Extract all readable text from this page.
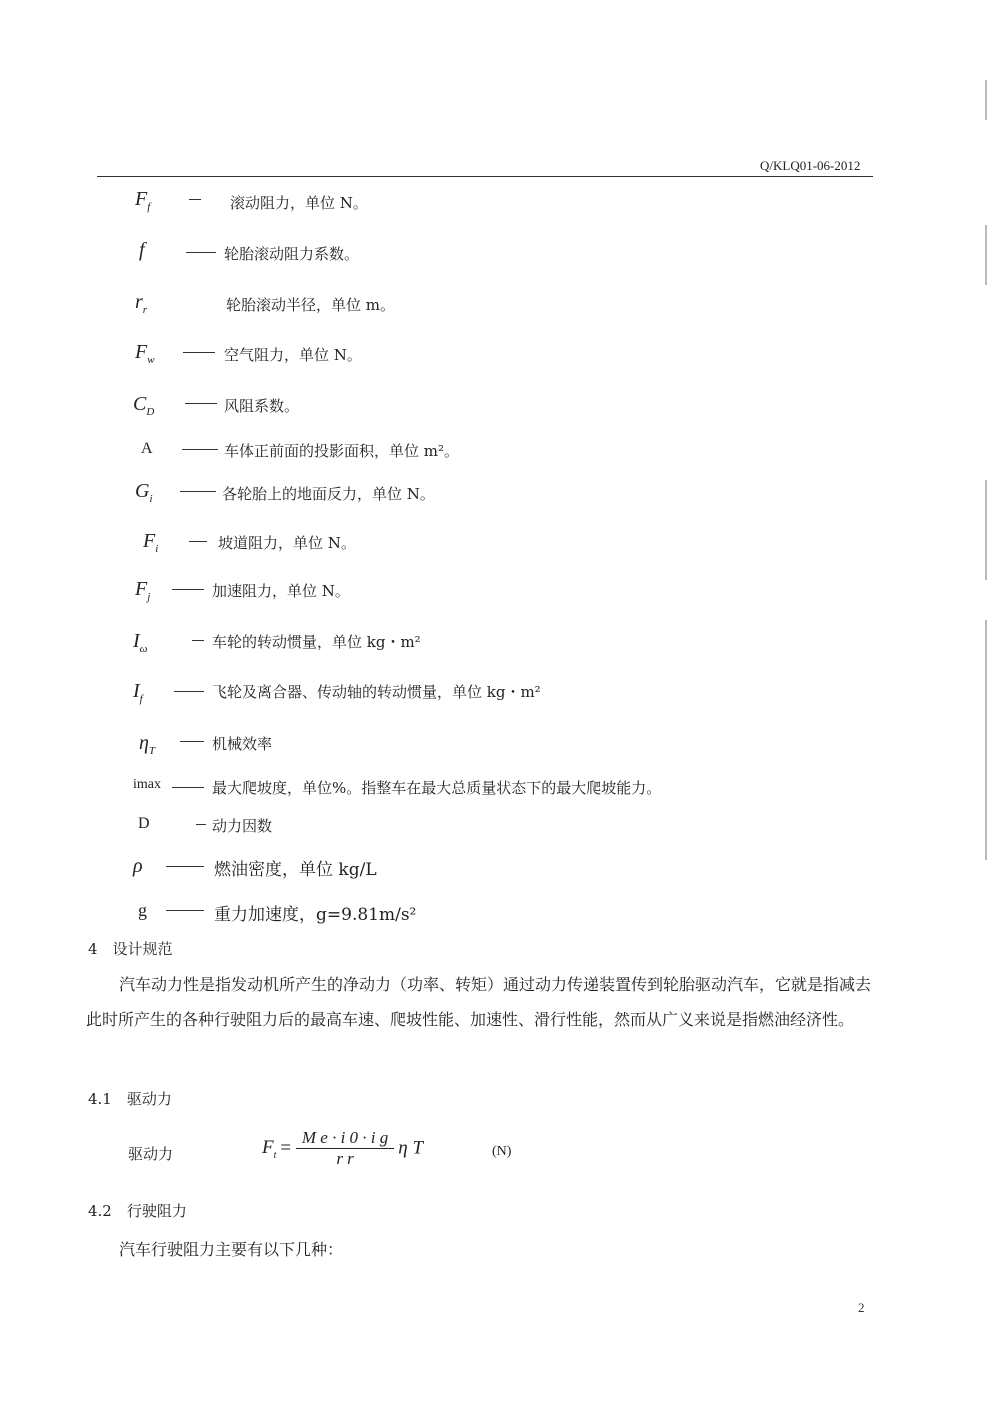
Q/KLQ01-06-2012
$F_f$	滚动阻力，单位 N。
f	轮胎滚动阻力系数。
$r_r$	轮胎滚动半径，单位 m。
$F_w$	空气阻力，单位 N。
$C_D$	风阻系数。
A	车体正前面的投影面积，单位 m²。
$G_i$	各轮胎上的地面反力，单位 N。
$F_i$	坡道阻力，单位 N。
$F_j$	加速阻力，单位 N。
$I_\omega$	车轮的转动惯量，单位 kg・m²
$I_f$	飞轮及离合器、传动轴的转动惯量，单位 kg・m²
$\eta_T$	机械效率
imax	最大爬坡度，单位%。指整车在最大总质量状态下的最大爬坡能力。
D	动力因数
ρ	燃油密度，单位 kg/L
g	重力加速度，g=9.81m/s²
4　设计规范
汽车动力性是指发动机所产生的净动力（功率、转矩）通过动力传递装置传到轮胎驱动汽车，它就是指减去此时所产生的各种行驶阻力后的最高车速、爬坡性能、加速性、滑行性能，然而从广义来说是指燃油经济性。
4.1　驱动力
驱动力	$F_t = \frac{\text{M e · i 0 · i g}}{\text{r r}}$ η T	(N)
4.2　行驶阻力
汽车行驶阻力主要有以下几种：
2
